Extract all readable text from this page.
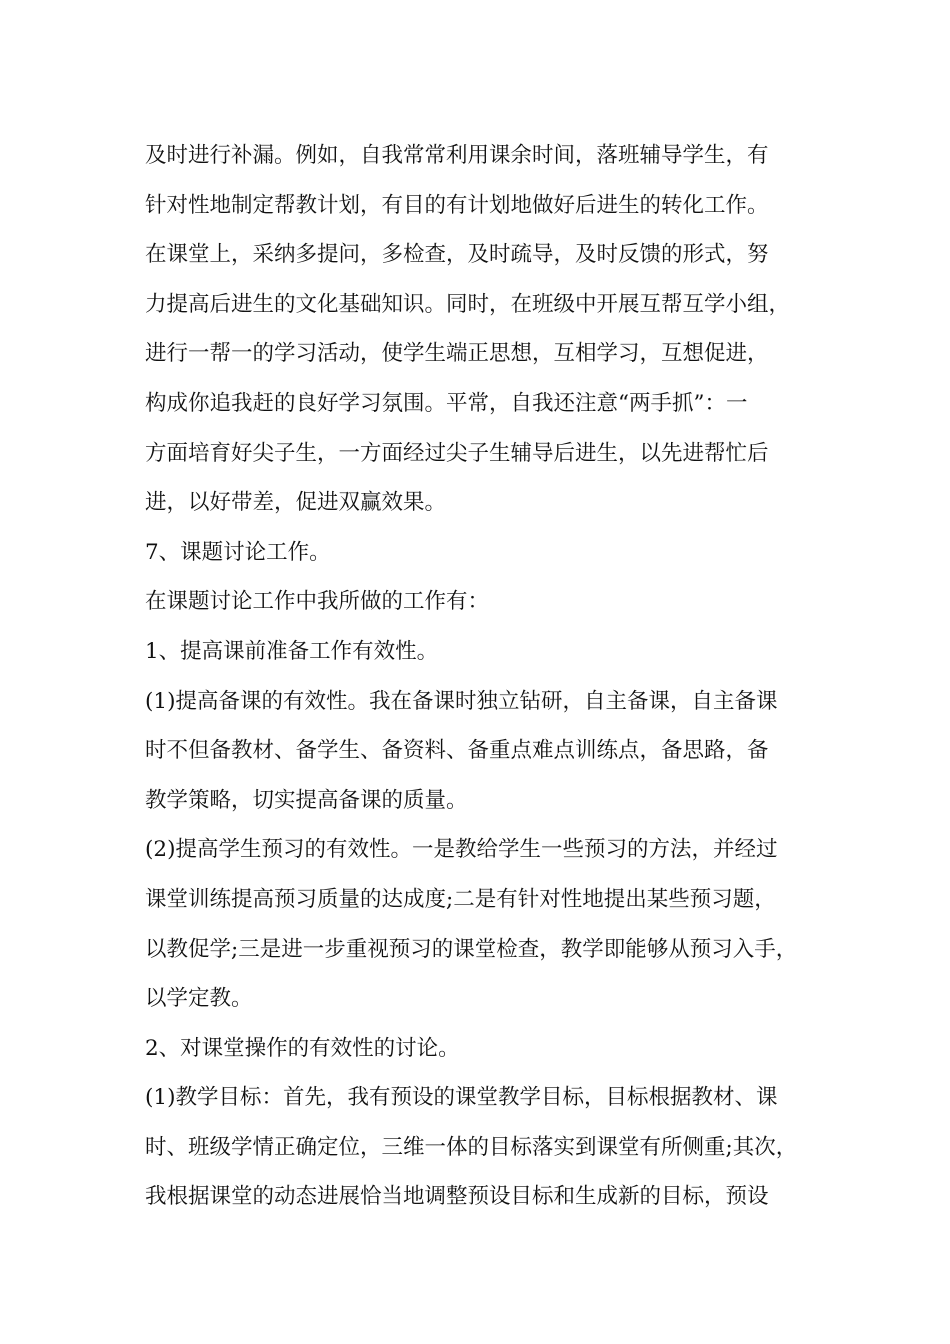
及时进行补漏。例如，自我常常利用课余时间，落班辅导学生，有
针对性地制定帮教计划，有目的有计划地做好后进生的转化工作。
在课堂上，采纳多提问，多检查，及时疏导，及时反馈的形式，努
力提高后进生的文化基础知识。同时，在班级中开展互帮互学小组，
进行一帮一的学习活动，使学生端正思想，互相学习，互想促进，
构成你追我赶的良好学习氛围。平常，自我还注意“两手抓”：一
方面培育好尖子生，一方面经过尖子生辅导后进生，以先进帮忙后
进，以好带差，促进双赢效果。
7、课题讨论工作。
在课题讨论工作中我所做的工作有：
1、提高课前准备工作有效性。
(1)提高备课的有效性。我在备课时独立钻研，自主备课，自主备课
时不但备教材、备学生、备资料、备重点难点训练点，备思路，备
教学策略，切实提高备课的质量。
(2)提高学生预习的有效性。一是教给学生一些预习的方法，并经过
课堂训练提高预习质量的达成度;二是有针对性地提出某些预习题，
以教促学;三是进一步重视预习的课堂检查，教学即能够从预习入手，
以学定教。
2、对课堂操作的有效性的讨论。
(1)教学目标：首先，我有预设的课堂教学目标，目标根据教材、课
时、班级学情正确定位，三维一体的目标落实到课堂有所侧重;其次，
我根据课堂的动态进展恰当地调整预设目标和生成新的目标，预设
